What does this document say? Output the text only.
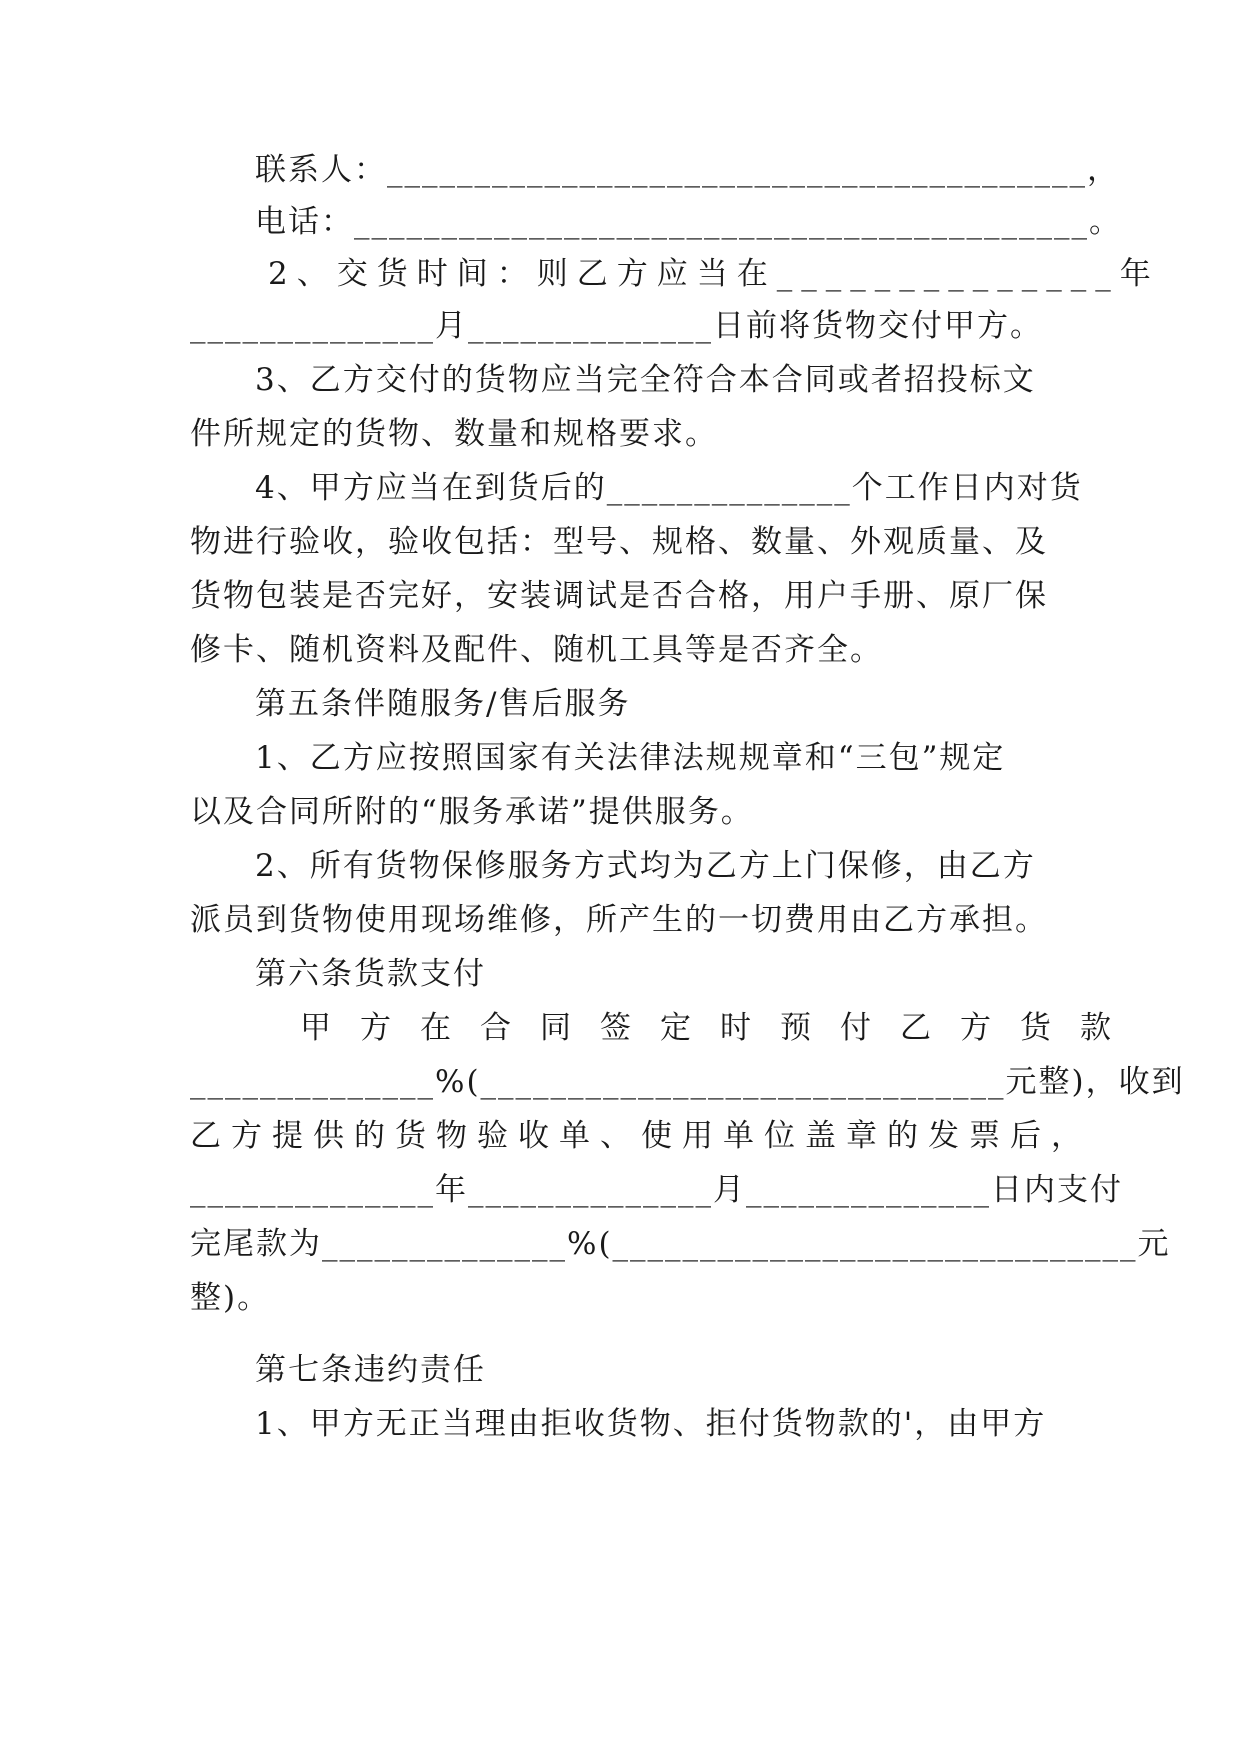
联系人：________________________________________，
电话：__________________________________________。
2、交货时间：则乙方应当在______________年
______________月______________日前将货物交付甲方。
3、乙方交付的货物应当完全符合本合同或者招投标文
件所规定的货物、数量和规格要求。
4、甲方应当在到货后的______________个工作日内对货
物进行验收，验收包括：型号、规格、数量、外观质量、及
货物包装是否完好，安装调试是否合格，用户手册、原厂保
修卡、随机资料及配件、随机工具等是否齐全。
第五条伴随服务/售后服务
1、乙方应按照国家有关法律法规规章和“三包”规定
以及合同所附的“服务承诺”提供服务。
2、所有货物保修服务方式均为乙方上门保修，由乙方
派员到货物使用现场维修，所产生的一切费用由乙方承担。
第六条货款支付
甲方在合同签定时预付乙方货款
______________%(______________________________元整)，收到
乙方提供的货物验收单、使用单位盖章的发票后，
______________年______________月______________日内支付
完尾款为______________%(______________________________元
整)。
第七条违约责任
1、甲方无正当理由拒收货物、拒付货物款的'，由甲方
